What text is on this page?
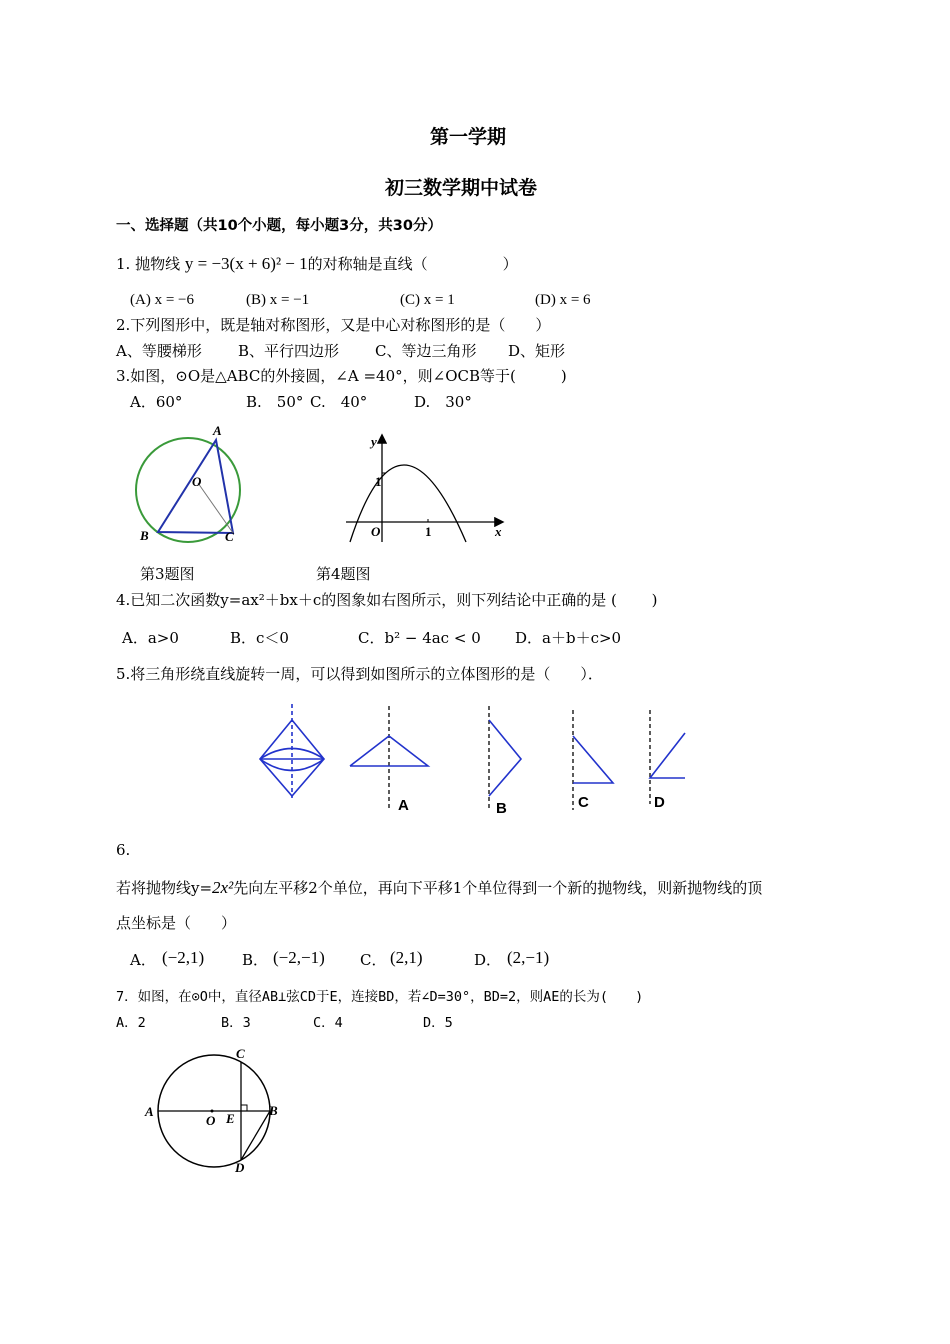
第一学期
初三数学期中试卷
一、选择题（共10个小题，每小题3分，共30分）
1. 抛物线 y = −3(x + 6)² − 1的对称轴是直线（　　　　　）
(A) x = −6	(B) x = −1	(C) x = 1	(D) x = 6
2.下列图形中，既是轴对称图形，又是中心对称图形的是（　　）
A、等腰梯形 B、平行四边形 C、等边三角形 D、矩形
3.如图，⊙O是△ABC的外接圆，∠A =40°，则∠OCB等于(　　　)
A．60°	B.　50° C.　40°	D.　30°
A
B	C
O
y
x
1
1
O
第3题图	第4题图
4.已知二次函数y=ax²＋bx＋c的图象如右图所示，则下列结论中正确的是 (　　 )
A．a>0	B．c＜0	C．b² − 4ac < 0 D．a＋b＋c>0
5.将三角形绕直线旋转一周，可以得到如图所示的立体图形的是（　　）．
A	B	C	D
6.
若将抛物线y=2x²先向左平移2个单位，再向下平移1个单位得到一个新的抛物线，则新抛物线的顶
点坐标是（　　）
A． (−2,1)	B． (−2,−1) C． (2,1)	D． (2,−1)
7．如图，在⊙O中，直径AB⊥弦CD于E，连接BD，若∠D=30°，BD=2，则AE的长为(　　)
A．2	B．3	C．4	D．5
A	B
C
D
E
O
